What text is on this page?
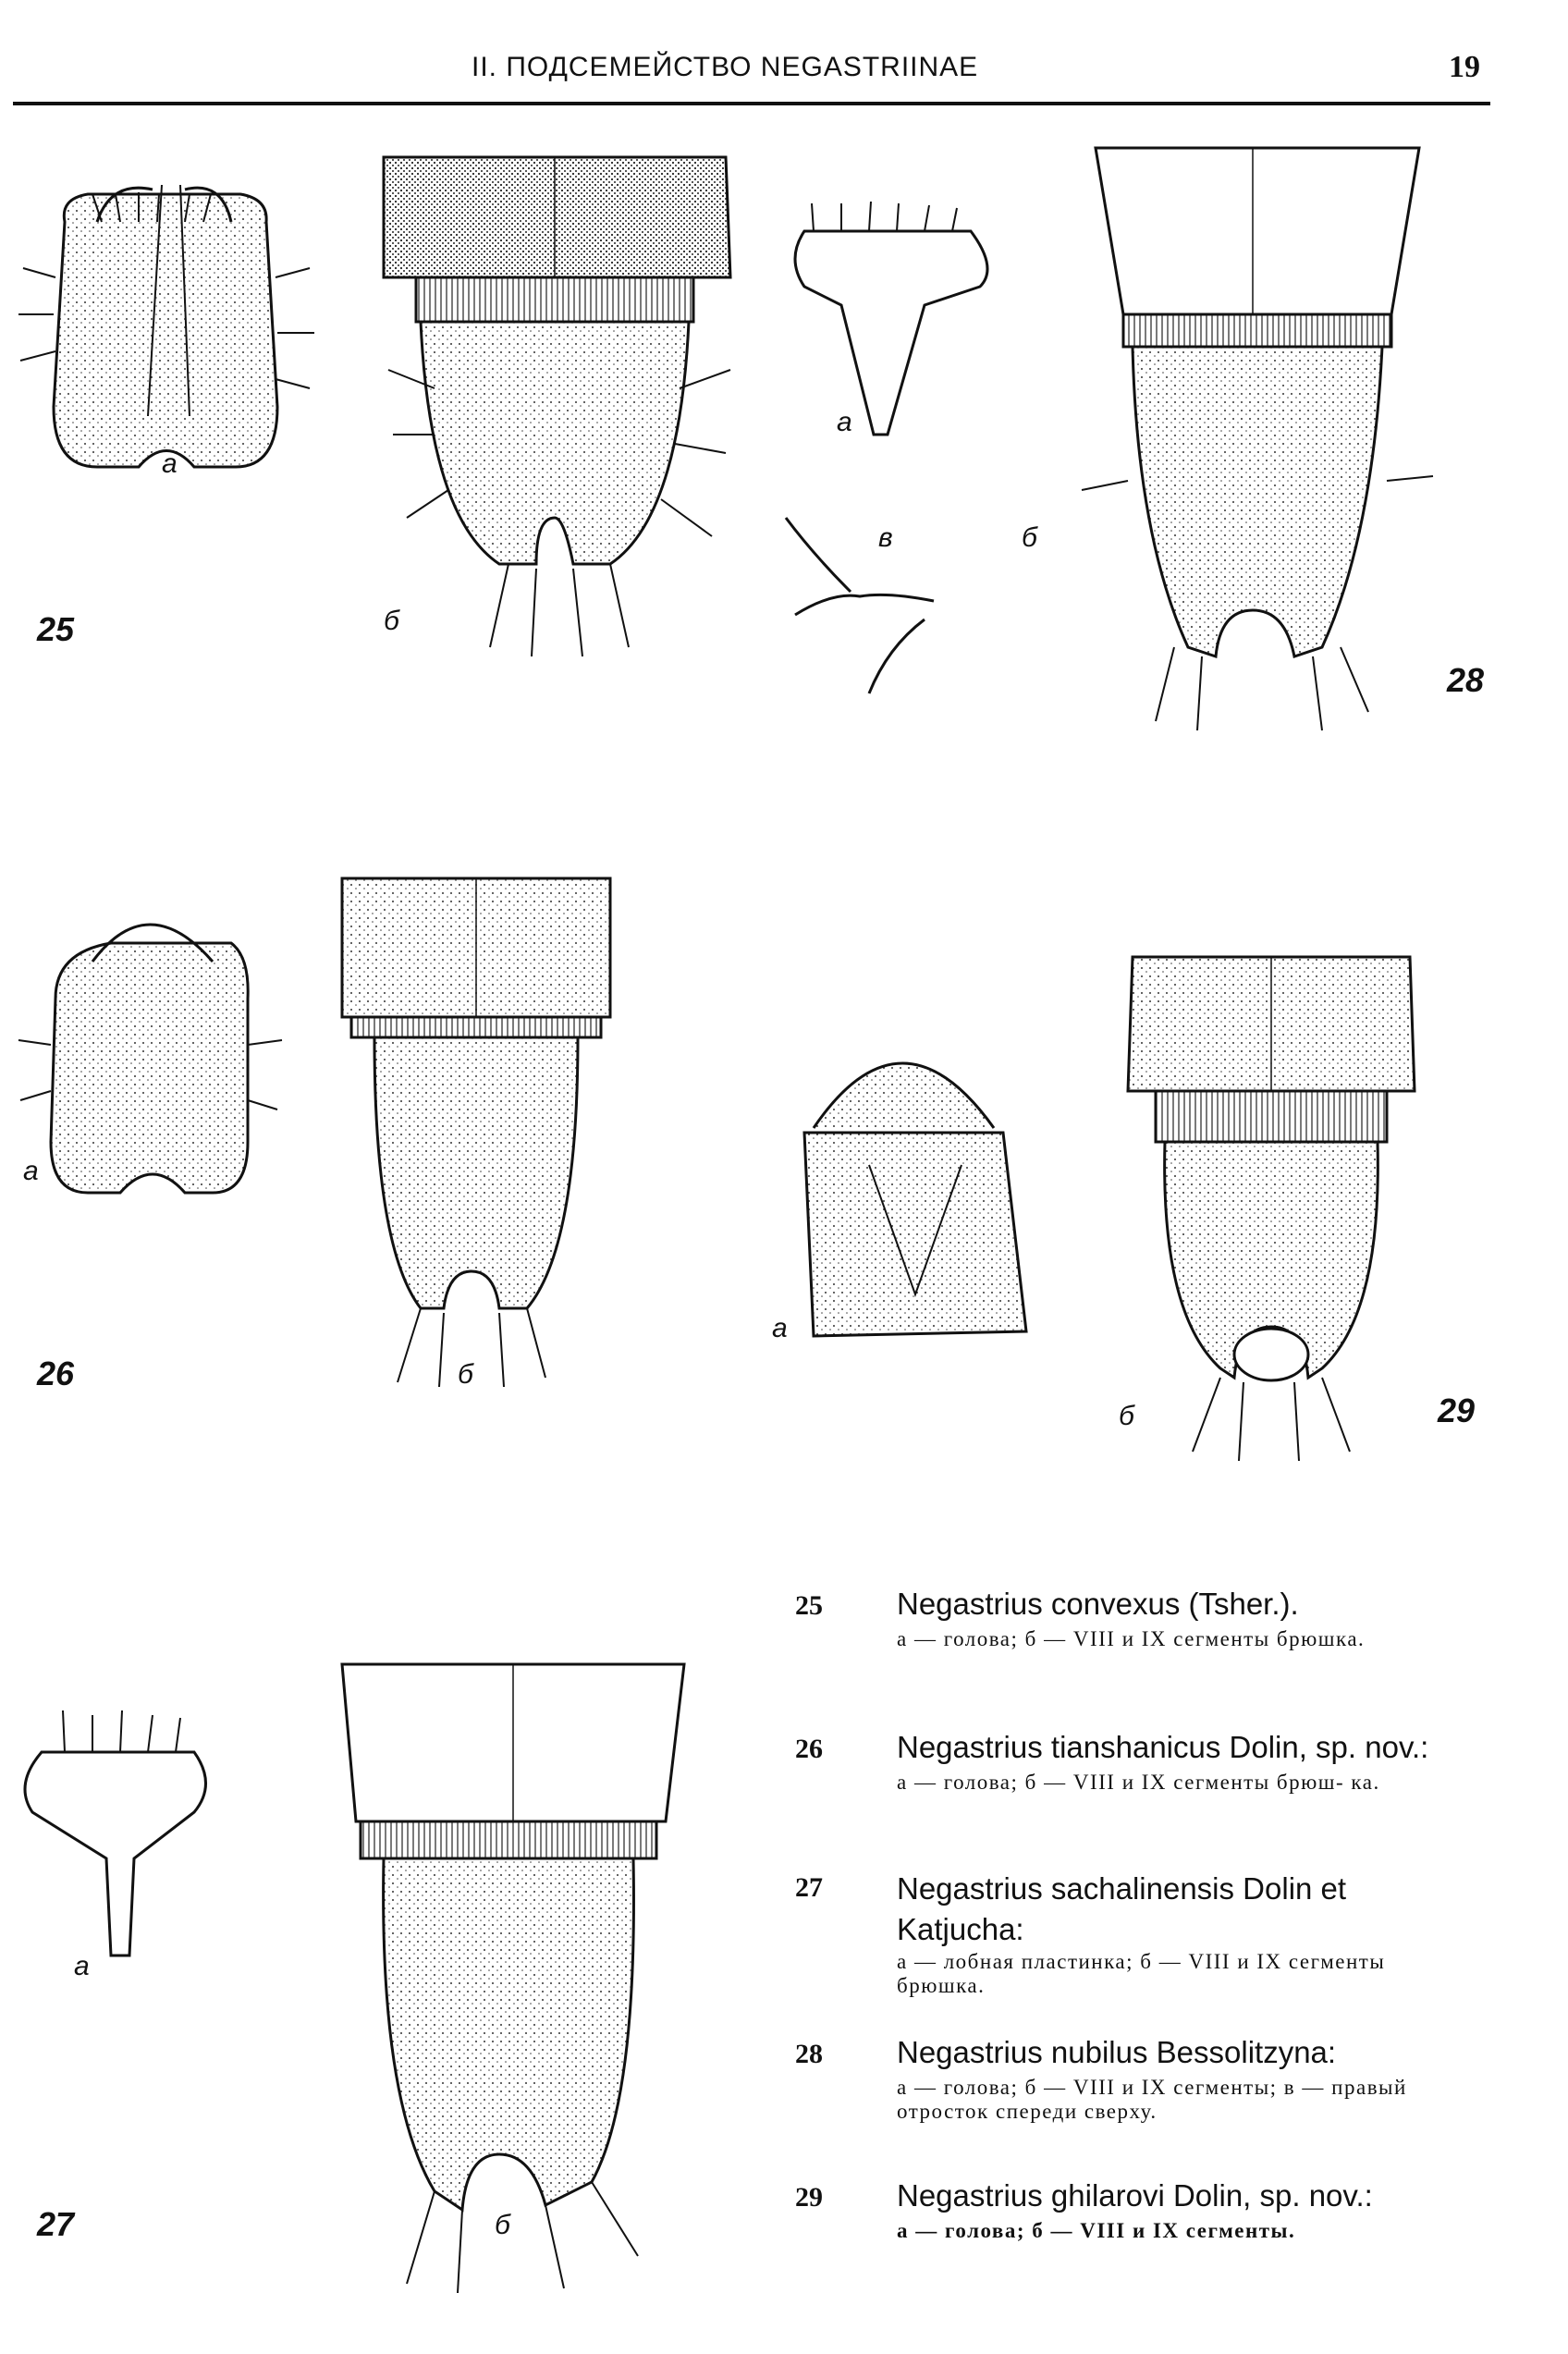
II. ПОДСЕМЕЙСТВО NEGASTRIINAE	19
25
а
б
28
а
в	б
26
а
б
29
а
б
27
а
б
25 Negastrius convexus (Tsher.).
а — голова; б — VIII и IX сегменты брюшка.
26 Negastrius tianshanicus Dolin, sp. nov.:
а — голова; б — VIII и IX сегменты брюш- ка.
27 Negastrius sachalinensis Dolin et Katjucha:
а — лобная пластинка; б — VIII и IX сегменты брюшка.
28 Negastrius nubilus Bessolitzyna:
а — голова; б — VIII и IX сегменты; в — правый отросток спереди сверху.
29 Negastrius ghilarovi Dolin, sp. nov.:
а — голова; б — VIII и IX сегменты.
